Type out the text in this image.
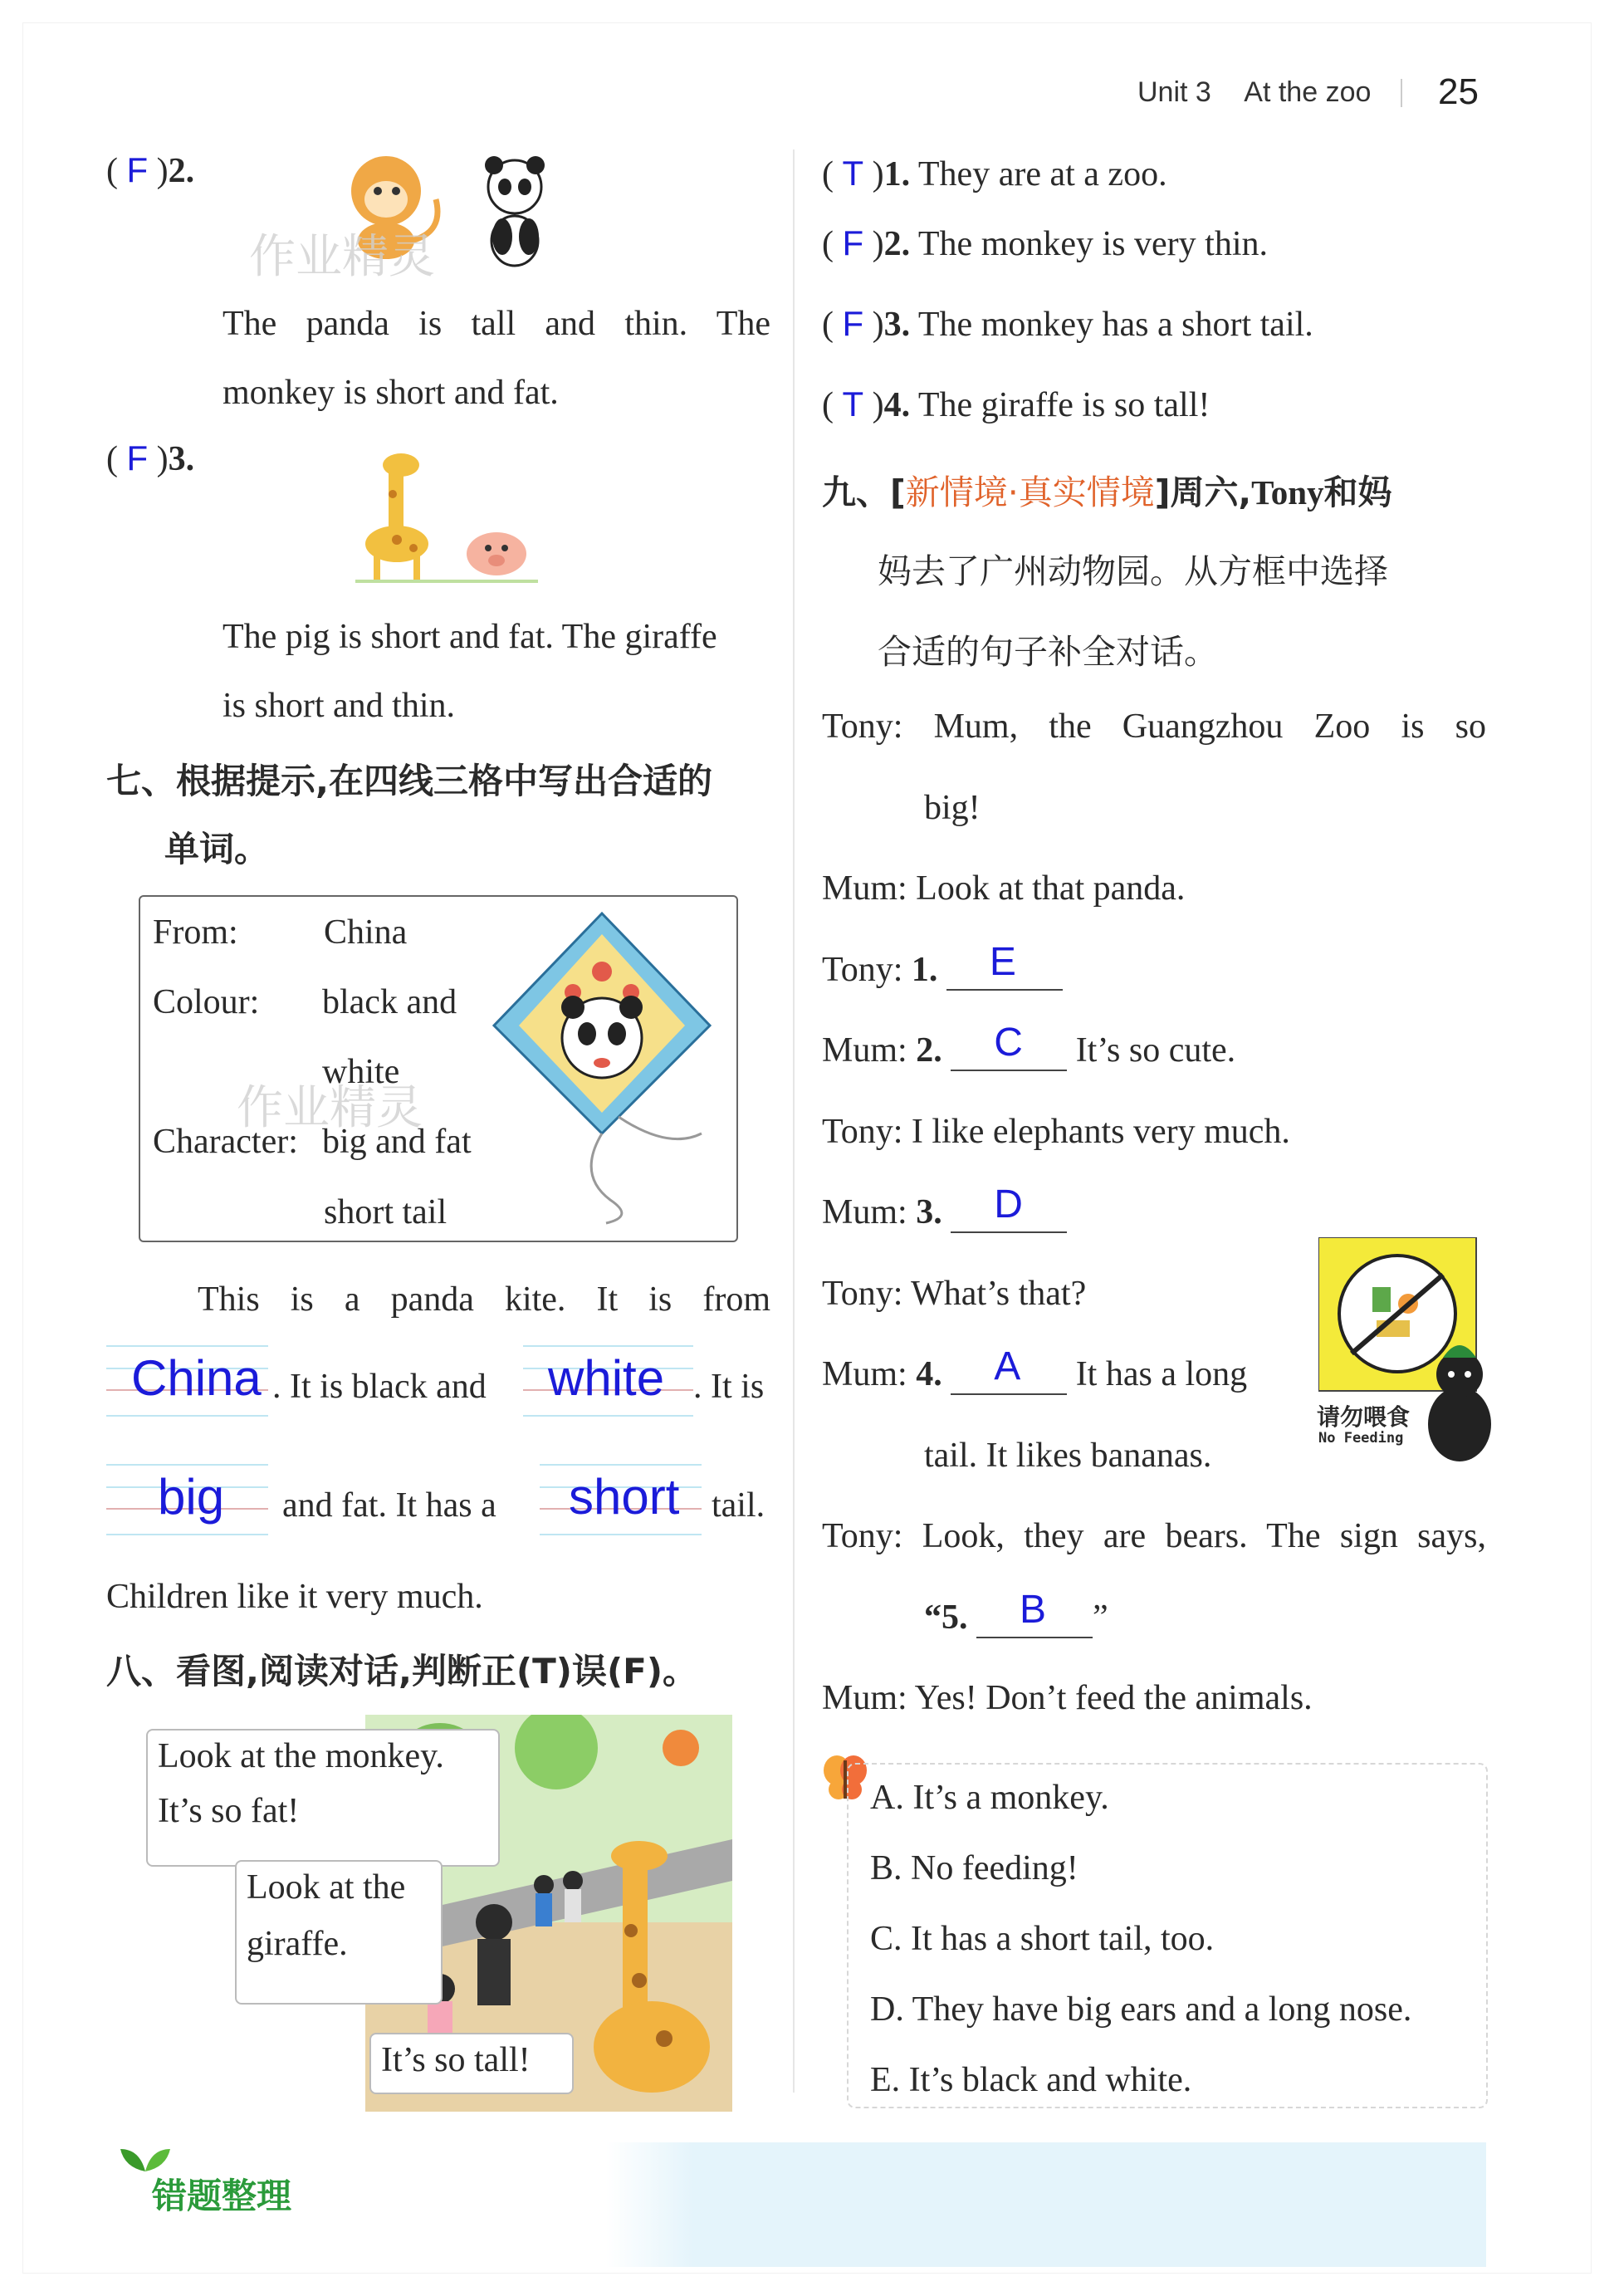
Unit 3 At the zoo 25
( F )2.
作业精灵
The panda is tall and thin. The
monkey is short and fat.
( F )3.
The pig is short and fat. The giraffe
is short and thin.
七、根据提示,在四线三格中写出合适的
单词。
From: China
Colour: black and
white
Character: big and fat
short tail
作业精灵
This is a panda kite. It is from
China . It is black and white . It is
big and fat. It has a short tail.
Children like it very much.
八、看图,阅读对话,判断正(T)误(F)。
Look at the monkey.
It’s so fat!
Look at the
giraffe.
It’s so tall!
错题整理
( T )1. They are at a zoo.
( F )2. The monkey is very thin.
( F )3. The monkey has a short tail.
( T )4. The giraffe is so tall!
九、[新情境·真实情境]周六,Tony和妈
妈去了广州动物园。从方框中选择
合适的句子补全对话。
Tony: Mum, the Guangzhou Zoo is so
big!
Mum: Look at that panda.
Tony: 1. E
Mum: 2. C It’s so cute.
Tony: I like elephants very much.
Mum: 3. D
Tony: What’s that?
Mum: 4. A It has a long
tail. It likes bananas.
请勿喂食
No Feeding
Tony: Look, they are bears. The sign says,
“5. B ”
Mum: Yes! Don’t feed the animals.
A. It’s a monkey.
B. No feeding!
C. It has a short tail, too.
D. They have big ears and a long nose.
E. It’s black and white.
